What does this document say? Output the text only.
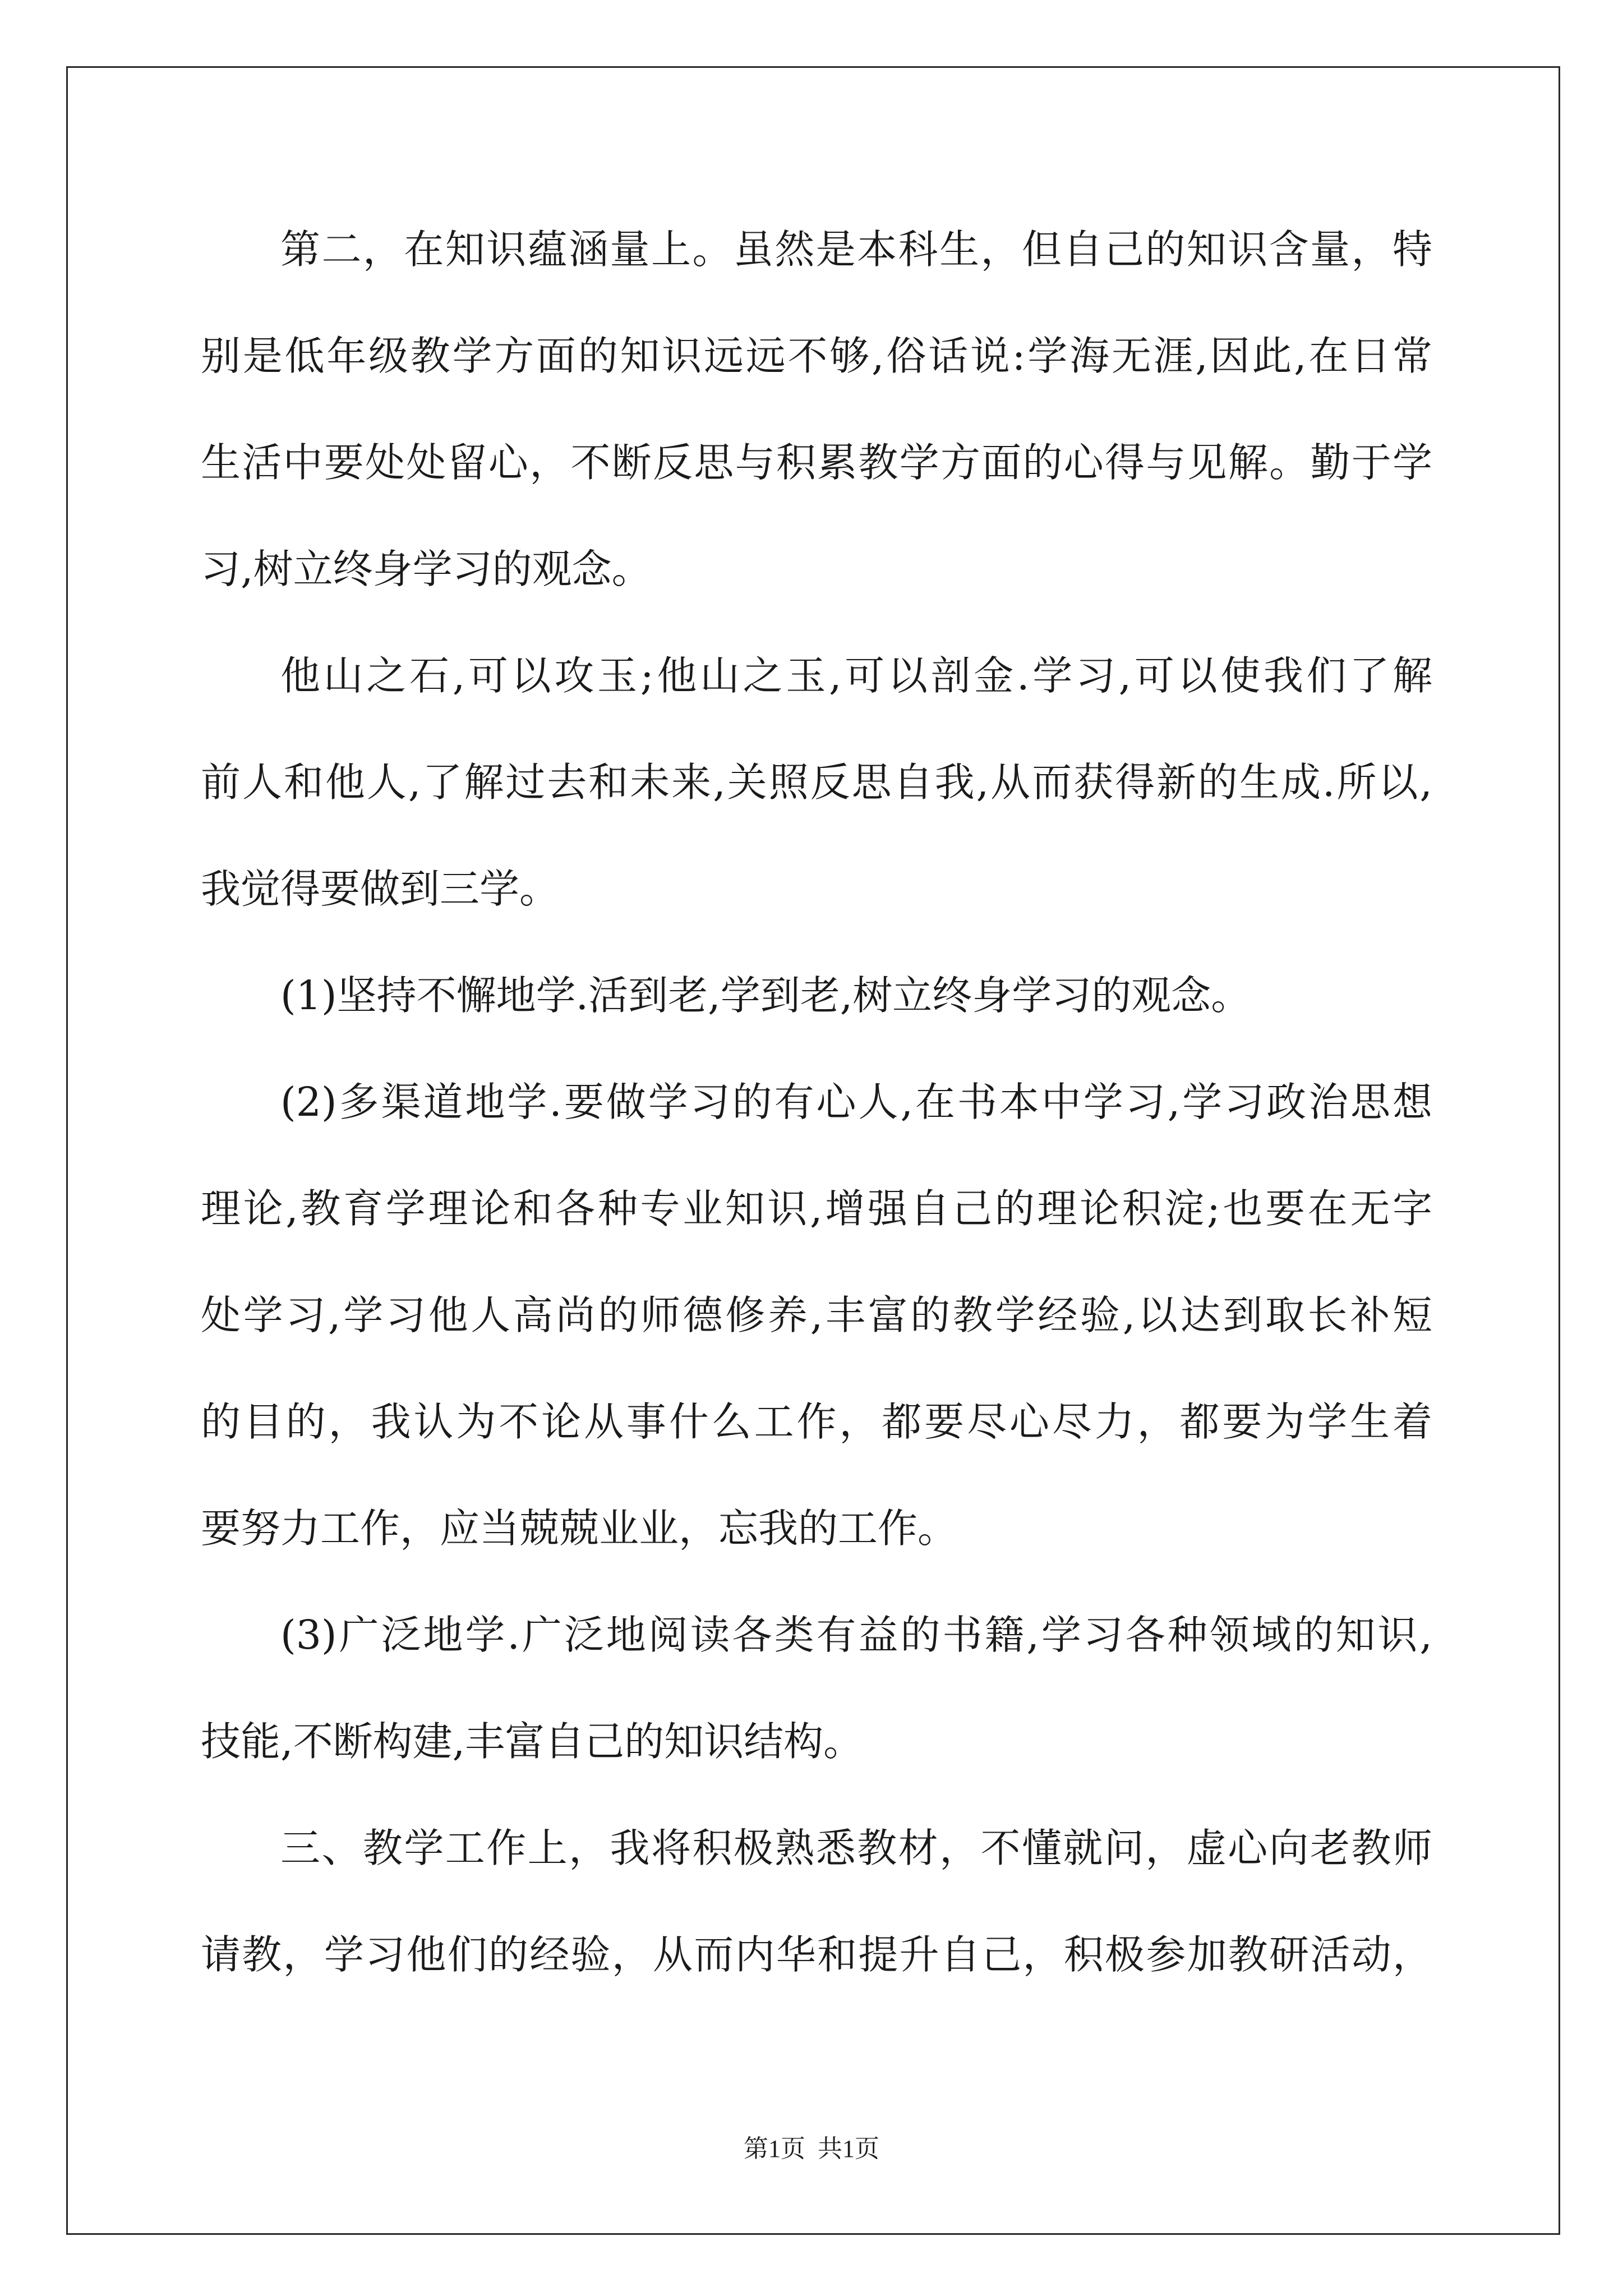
第二，在知识蕴涵量上。虽然是本科生，但自己的知识含量，特
别是低年级教学方面的知识远远不够,俗话说:学海无涯,因此,在日常
生活中要处处留心，不断反思与积累教学方面的心得与见解。勤于学
习,树立终身学习的观念。
他山之石,可以攻玉;他山之玉,可以剖金.学习,可以使我们了解
前人和他人,了解过去和未来,关照反思自我,从而获得新的生成.所以,
我觉得要做到三学。
(1)坚持不懈地学.活到老,学到老,树立终身学习的观念。
(2)多渠道地学.要做学习的有心人,在书本中学习,学习政治思想
理论,教育学理论和各种专业知识,增强自己的理论积淀;也要在无字
处学习,学习他人高尚的师德修养,丰富的教学经验,以达到取长补短
的目的，我认为不论从事什么工作，都要尽心尽力，都要为学生着
要努力工作，应当兢兢业业，忘我的工作。
(3)广泛地学.广泛地阅读各类有益的书籍,学习各种领域的知识,
技能,不断构建,丰富自己的知识结构。
三、教学工作上，我将积极熟悉教材，不懂就问，虚心向老教师
请教，学习他们的经验，从而内华和提升自己，积极参加教研活动，
第1页  共1页
